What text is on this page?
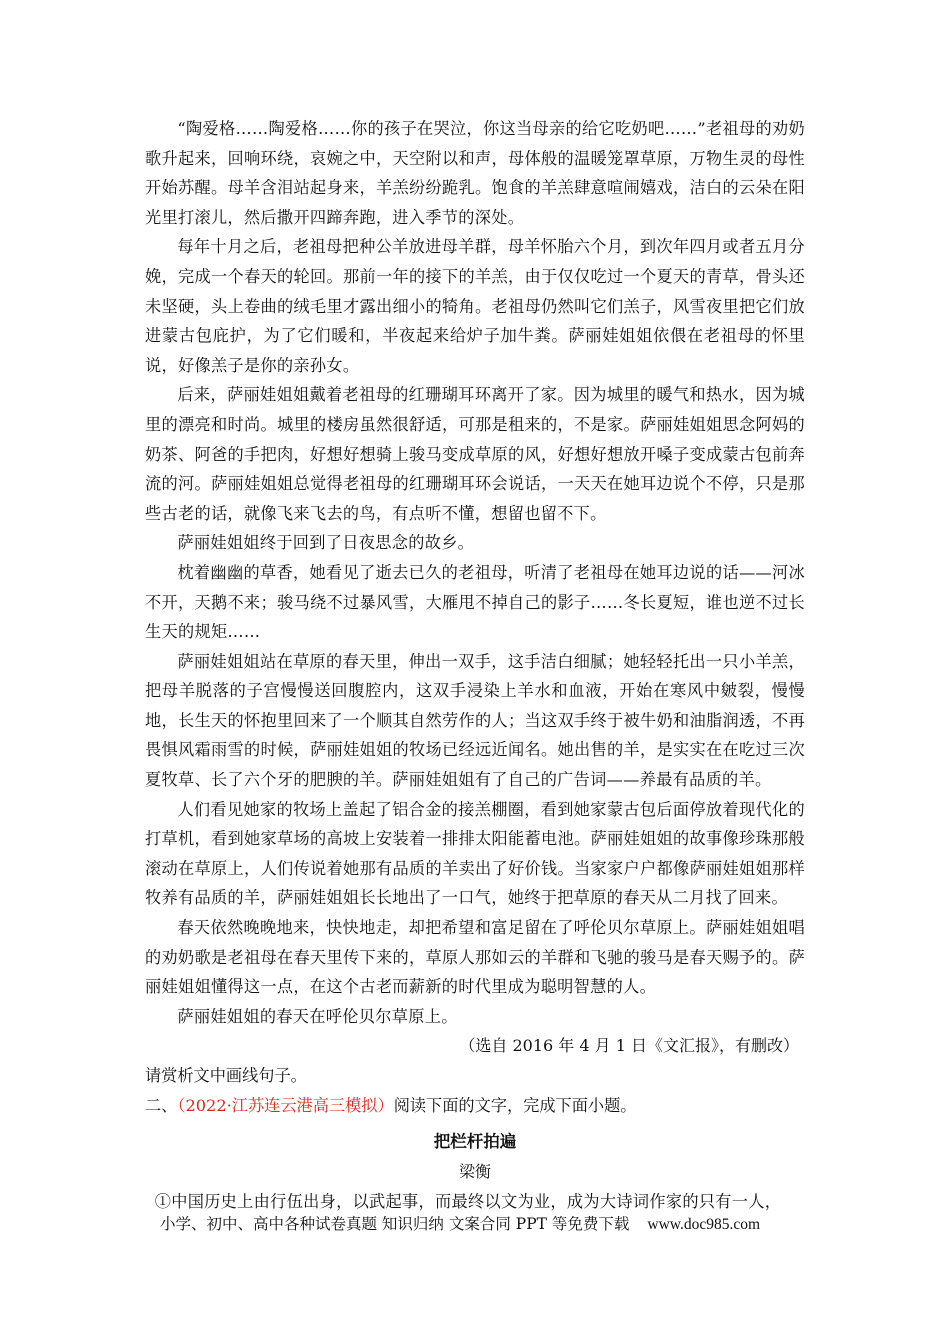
“陶爱格……陶爱格……你的孩子在哭泣，你这当母亲的给它吃奶吧……”老祖母的劝奶歌升起来，回响环绕，哀婉之中，天空附以和声，母体般的温暖笼罩草原，万物生灵的母性开始苏醒。母羊含泪站起身来，羊羔纷纷跪乳。饱食的羊羔肆意喧闹嬉戏，洁白的云朵在阳光里打滚儿，然后撒开四蹄奔跑，进入季节的深处。

每年十月之后，老祖母把种公羊放进母羊群，母羊怀胎六个月，到次年四月或者五月分娩，完成一个春天的轮回。那前一年的接下的羊羔，由于仅仅吃过一个夏天的青草，骨头还未坚硬，头上卷曲的绒毛里才露出细小的犄角。老祖母仍然叫它们羔子，风雪夜里把它们放进蒙古包庇护，为了它们暖和，半夜起来给炉子加牛粪。萨丽娃姐姐依偎在老祖母的怀里说，好像羔子是你的亲孙女。

后来，萨丽娃姐姐戴着老祖母的红珊瑚耳环离开了家。因为城里的暖气和热水，因为城里的漂亮和时尚。城里的楼房虽然很舒适，可那是租来的，不是家。萨丽娃姐姐思念阿妈的奶茶、阿爸的手把肉，好想好想骑上骏马变成草原的风，好想好想放开嗓子变成蒙古包前奔流的河。萨丽娃姐姐总觉得老祖母的红珊瑚耳环会说话，一天天在她耳边说个不停，只是那些古老的话，就像飞来飞去的鸟，有点听不懂，想留也留不下。

萨丽娃姐姐终于回到了日夜思念的故乡。

枕着幽幽的草香，她看见了逝去已久的老祖母，听清了老祖母在她耳边说的话——河冰不开，天鹅不来；骏马绕不过暴风雪，大雁甩不掉自己的影子……冬长夏短，谁也逆不过长生天的规矩……

萨丽娃姐姐站在草原的春天里，伸出一双手，这手洁白细腻；她轻轻托出一只小羊羔，把母羊脱落的子宫慢慢送回腹腔内，这双手浸染上羊水和血液，开始在寒风中皴裂，慢慢地，长生天的怀抱里回来了一个顺其自然劳作的人；当这双手终于被牛奶和油脂润透，不再畏惧风霜雨雪的时候，萨丽娃姐姐的牧场已经远近闻名。她出售的羊，是实实在在吃过三次夏牧草、长了六个牙的肥腴的羊。萨丽娃姐姐有了自己的广告词——养最有品质的羊。

人们看见她家的牧场上盖起了铝合金的接羔棚圈，看到她家蒙古包后面停放着现代化的打草机，看到她家草场的高坡上安装着一排排太阳能蓄电池。萨丽娃姐姐的故事像珍珠那般滚动在草原上，人们传说着她那有品质的羊卖出了好价钱。当家家户户都像萨丽娃姐姐那样牧养有品质的羊，萨丽娃姐姐长长地出了一口气，她终于把草原的春天从二月找了回来。

春天依然晚晚地来，快快地走，却把希望和富足留在了呼伦贝尔草原上。萨丽娃姐姐唱的劝奶歌是老祖母在春天里传下来的，草原人那如云的羊群和飞驰的骏马是春天赐予的。萨丽娃姐姐懂得这一点，在这个古老而薪新的时代里成为聪明智慧的人。

萨丽娃姐姐的春天在呼伦贝尔草原上。

（选自 2016 年 4 月 1 日《文汇报》，有删改）

请赏析文中画线句子。

二、（2022·江苏连云港高三模拟）阅读下面的文字，完成下面小题。

把栏杆拍遍

梁衡

①中国历史上由行伍出身，以武起事，而最终以文为业，成为大诗词作家的只有一人，

小学、初中、高中各种试卷真题 知识归纳 文案合同 PPT 等免费下载 www.doc985.com
